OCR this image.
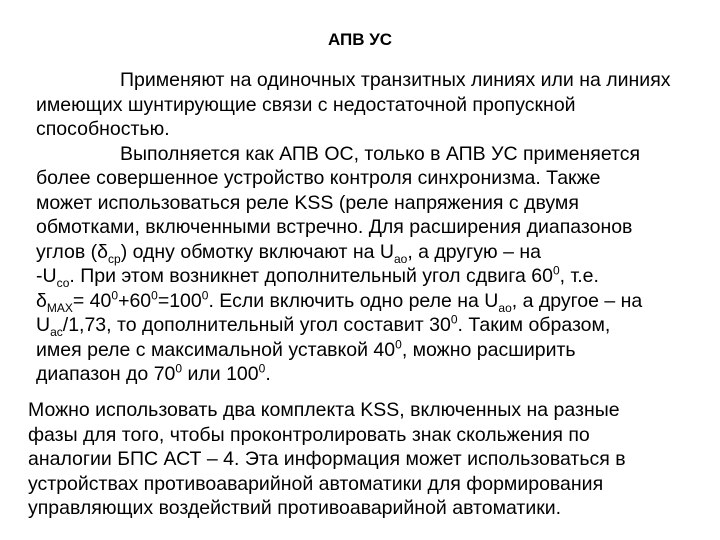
АПВ УС
Применяют на одиночных транзитных линиях или на линиях
имеющих шунтирующие связи с недостаточной пропускной
способностью.
Выполняется как АПВ ОС, только в АПВ УС применяется
более совершенное устройство контроля синхронизма. Также
может использоваться реле KSS (реле напряжения с двумя
обмотками, включенными встречно. Для расширения диапазонов
углов $(\delta_{ср})$ одну обмотку включают на $U_{ао}$, а другую – на
$-U_{со}$. При этом возникнет дополнительный угол сдвига $60^0$, т.е.
$\delta_{MAX}= 40^0+60^0=100^0$. Если включить одно реле на $U_{ао}$, а другое – на
$U_{ас}/1,73$, то дополнительный угол составит $30^0$. Таким образом,
имея реле с максимальной уставкой $40^0$, можно расширить
диапазон до $70^0$ или $100^0$.
Можно использовать два комплекта KSS, включенных на разные
фазы для того, чтобы проконтролировать знак скольжения по
аналогии БПС АСТ – 4. Эта информация может использоваться в
устройствах противоаварийной автоматики для формирования
управляющих воздействий противоаварийной автоматики.
